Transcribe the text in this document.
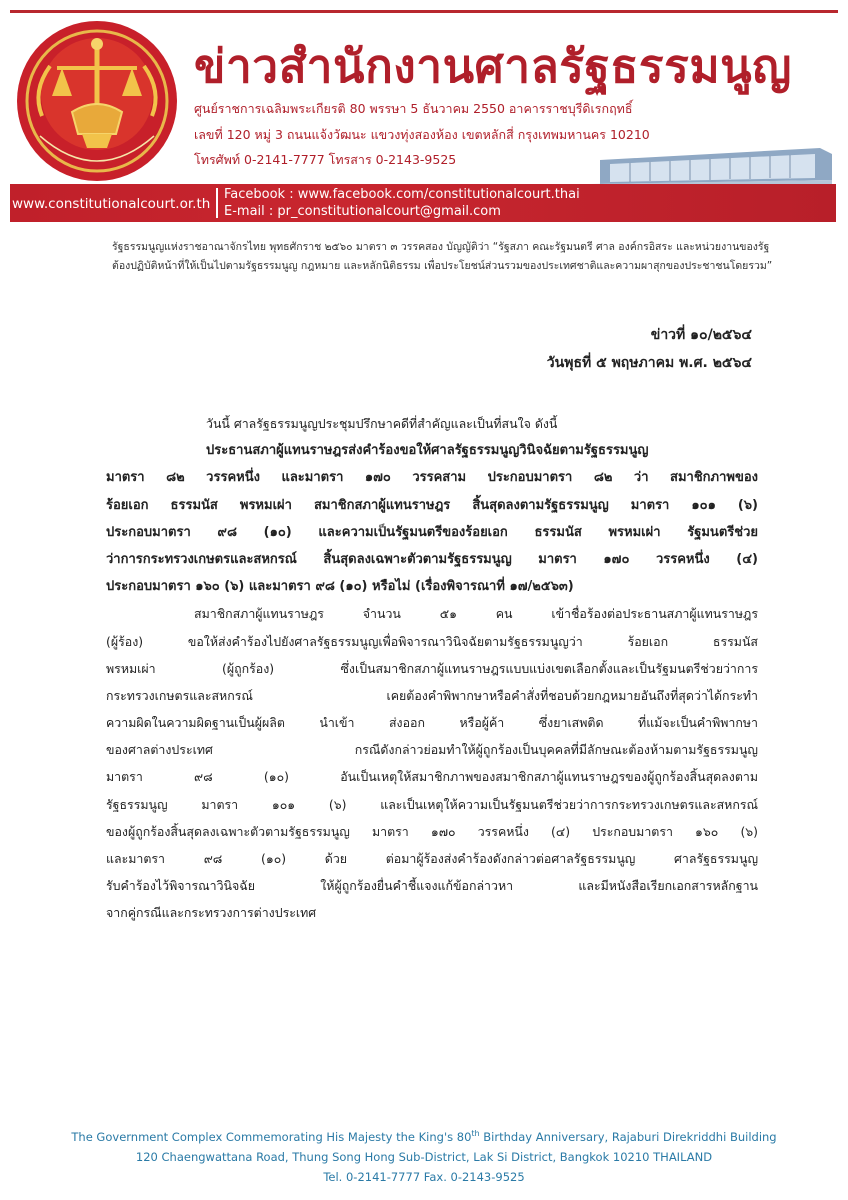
ข่าวสำนักงานศาลรัฐธรรมนูญ
ศูนย์ราชการเฉลิมพระเกียรติ 80 พรรษา 5 ธันวาคม 2550 อาคารราชบุรีดิเรกฤทธิ์
เลขที่ 120 หมู่ 3 ถนนแจ้งวัฒนะ แขวงทุ่งสองห้อง เขตหลักสี่ กรุงเทพมหานคร 10210
โทรศัพท์ 0-2141-7777 โทรสาร 0-2143-9525
www.constitutionalcourt.or.th
Facebook : www.facebook.com/constitutionalcourt.thai
E-mail : pr_constitutionalcourt@gmail.com
รัฐธรรมนูญแห่งราชอาณาจักรไทย พุทธศักราช ๒๕๖๐ มาตรา ๓ วรรคสอง บัญญัติว่า “รัฐสภา คณะรัฐมนตรี ศาล องค์กรอิสระ และหน่วยงานของรัฐ
ต้องปฏิบัติหน้าที่ให้เป็นไปตามรัฐธรรมนูญ กฎหมาย และหลักนิติธรรม เพื่อประโยชน์ส่วนรวมของประเทศชาติและความผาสุกของประชาชนโดยรวม”
ข่าวที่ ๑๐/๒๕๖๔
วันพุธที่ ๕ พฤษภาคม พ.ศ. ๒๕๖๔
วันนี้ ศาลรัฐธรรมนูญประชุมปรึกษาคดีที่สำคัญและเป็นที่สนใจ ดังนี้
ประธานสภาผู้แทนราษฎรส่งคำร้องขอให้ศาลรัฐธรรมนูญวินิจฉัยตามรัฐธรรมนูญ
มาตรา ๘๒ วรรคหนึ่ง และมาตรา ๑๗๐ วรรคสาม ประกอบมาตรา ๘๒ ว่า สมาชิกภาพของ
ร้อยเอก ธรรมนัส พรหมเผ่า สมาชิกสภาผู้แทนราษฎร สิ้นสุดลงตามรัฐธรรมนูญ มาตรา ๑๐๑ (๖)
ประกอบมาตรา ๙๘ (๑๐) และความเป็นรัฐมนตรีของร้อยเอก ธรรมนัส พรหมเผ่า รัฐมนตรีช่วย
ว่าการกระทรวงเกษตรและสหกรณ์ สิ้นสุดลงเฉพาะตัวตามรัฐธรรมนูญ มาตรา ๑๗๐ วรรคหนึ่ง (๔)
ประกอบมาตรา ๑๖๐ (๖) และมาตรา ๙๘ (๑๐) หรือไม่ (เรื่องพิจารณาที่ ๑๗/๒๕๖๓)
สมาชิกสภาผู้แทนราษฎร จำนวน ๕๑ คน เข้าชื่อร้องต่อประธานสภาผู้แทนราษฎร
(ผู้ร้อง) ขอให้ส่งคำร้องไปยังศาลรัฐธรรมนูญเพื่อพิจารณาวินิจฉัยตามรัฐธรรมนูญว่า ร้อยเอก ธรรมนัส
พรหมเผ่า (ผู้ถูกร้อง) ซึ่งเป็นสมาชิกสภาผู้แทนราษฎรแบบแบ่งเขตเลือกตั้งและเป็นรัฐมนตรีช่วยว่าการ
กระทรวงเกษตรและสหกรณ์ เคยต้องคำพิพากษาหรือคำสั่งที่ชอบด้วยกฎหมายอันถึงที่สุดว่าได้กระทำ
ความผิดในความผิดฐานเป็นผู้ผลิต นำเข้า ส่งออก หรือผู้ค้า ซึ่งยาเสพติด ที่แม้จะเป็นคำพิพากษา
ของศาลต่างประเทศ กรณีดังกล่าวย่อมทำให้ผู้ถูกร้องเป็นบุคคลที่มีลักษณะต้องห้ามตามรัฐธรรมนูญ
มาตรา ๙๘ (๑๐) อันเป็นเหตุให้สมาชิกภาพของสมาชิกสภาผู้แทนราษฎรของผู้ถูกร้องสิ้นสุดลงตาม
รัฐธรรมนูญ มาตรา ๑๐๑ (๖) และเป็นเหตุให้ความเป็นรัฐมนตรีช่วยว่าการกระทรวงเกษตรและสหกรณ์
ของผู้ถูกร้องสิ้นสุดลงเฉพาะตัวตามรัฐธรรมนูญ มาตรา ๑๗๐ วรรคหนึ่ง (๔) ประกอบมาตรา ๑๖๐ (๖)
และมาตรา ๙๘ (๑๐) ด้วย ต่อมาผู้ร้องส่งคำร้องดังกล่าวต่อศาลรัฐธรรมนูญ ศาลรัฐธรรมนูญ
รับคำร้องไว้พิจารณาวินิจฉัย ให้ผู้ถูกร้องยื่นคำชี้แจงแก้ข้อกล่าวหา และมีหนังสือเรียกเอกสารหลักฐาน
จากคู่กรณีและกระทรวงการต่างประเทศ
The Government Complex Commemorating His Majesty the King's 80th Birthday Anniversary, Rajaburi Direkriddhi Building
120 Chaengwattana Road, Thung Song Hong Sub-District, Lak Si District, Bangkok 10210 THAILAND
Tel. 0-2141-7777 Fax. 0-2143-9525
